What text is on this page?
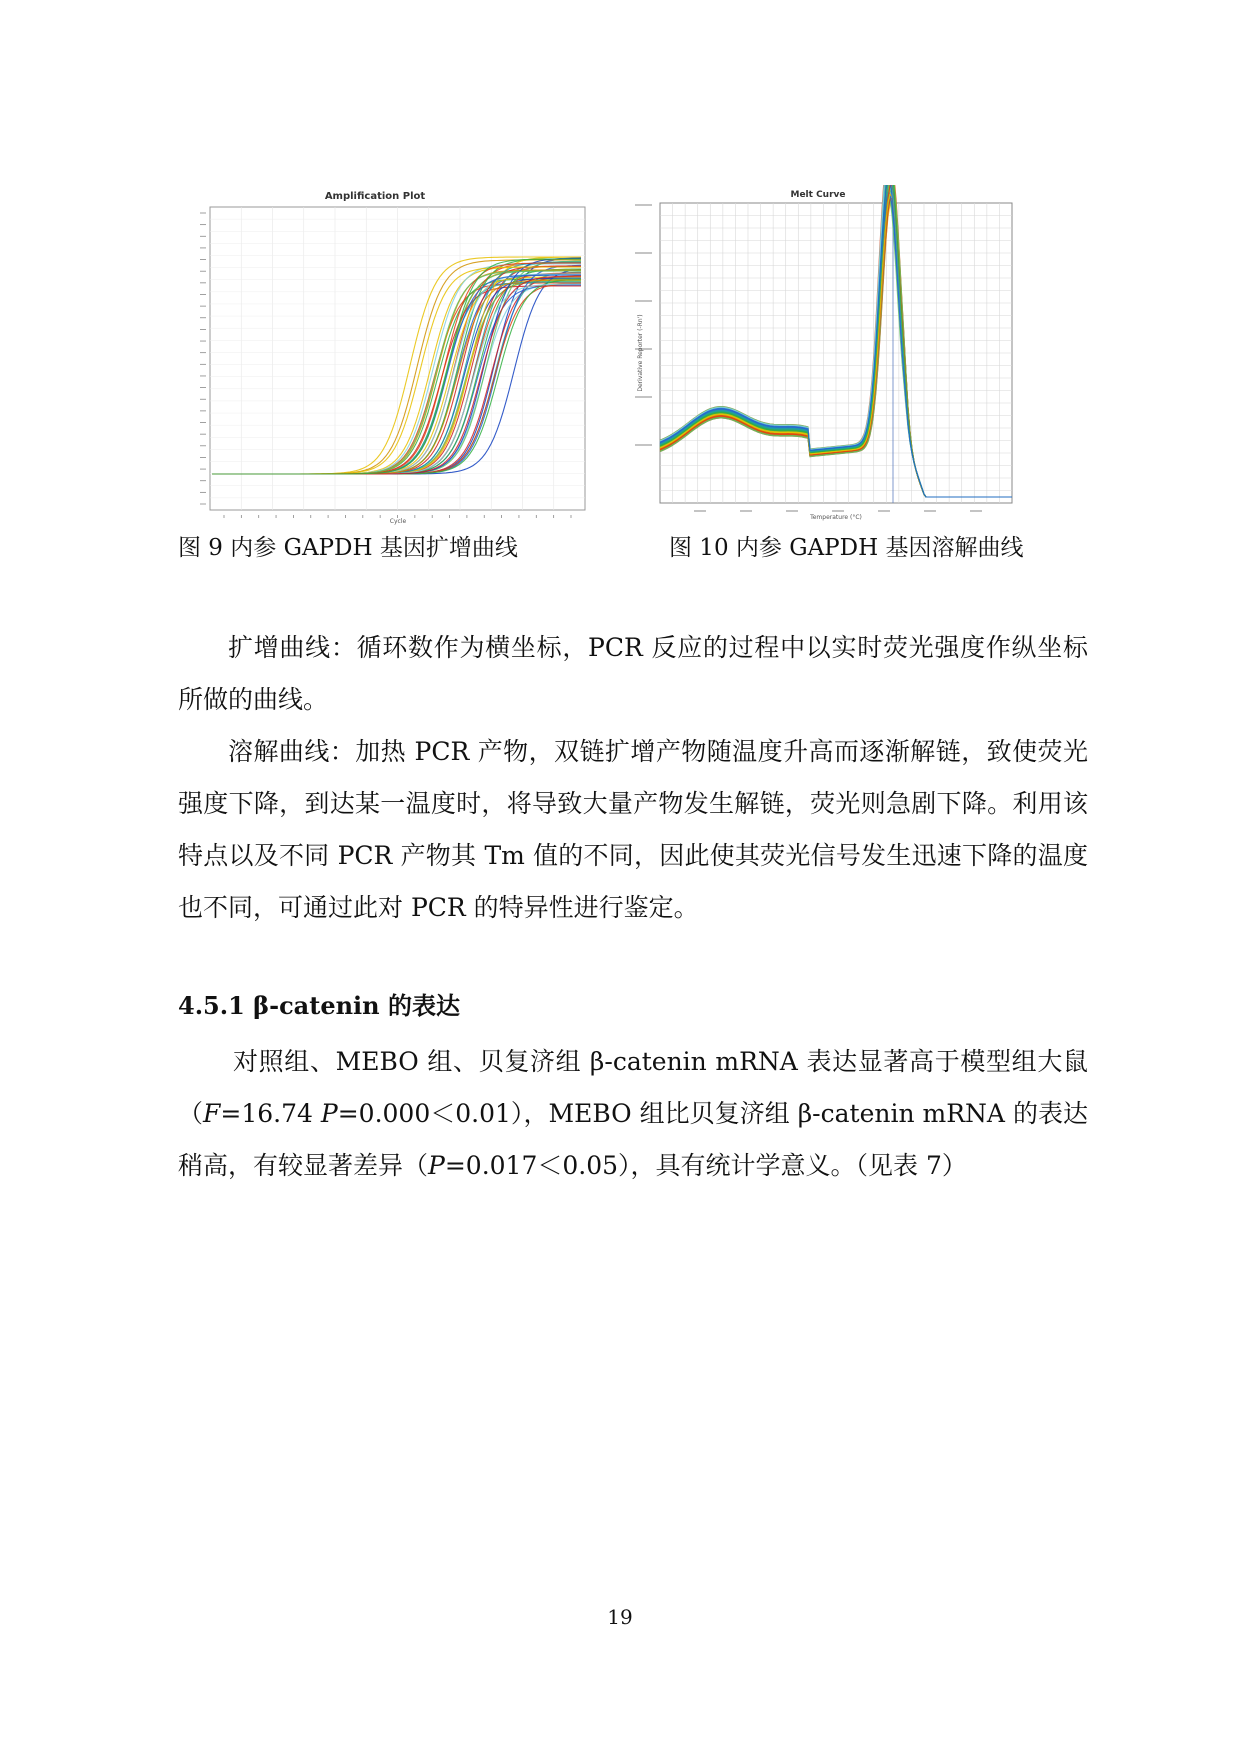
Amplification Plot
Cycle
Melt Curve
Derivative Reporter (-Rn')
Temperature (°C)
图 9 内参 GAPDH 基因扩增曲线	图 10 内参 GAPDH 基因溶解曲线
扩增曲线：循环数作为横坐标，PCR 反应的过程中以实时荧光强度作纵坐标所做的曲线。
溶解曲线：加热 PCR 产物，双链扩增产物随温度升高而逐渐解链，致使荧光强度下降，到达某一温度时，将导致大量产物发生解链，荧光则急剧下降。利用该特点以及不同 PCR 产物其 Tm 值的不同，因此使其荧光信号发生迅速下降的温度也不同，可通过此对 PCR 的特异性进行鉴定。
4.5.1 β-catenin 的表达
对照组、MEBO 组、贝复济组 β-catenin mRNA 表达显著高于模型组大鼠（F=16.74 P=0.000＜0.01），MEBO 组比贝复济组 β-catenin mRNA 的表达稍高，有较显著差异（P=0.017＜0.05），具有统计学意义。（见表 7）
19
